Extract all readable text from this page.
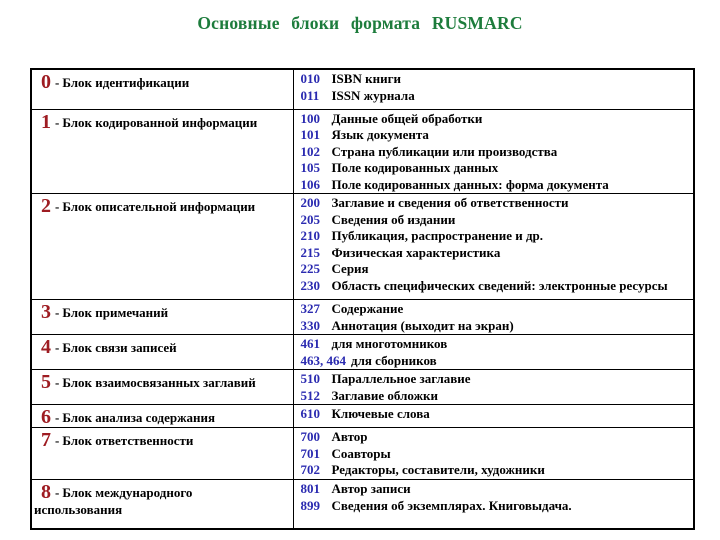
Основные блоки формата RUSMARC
0 - Блок идентификации	010 ISBN книги
011 ISSN журнала

1 - Блок кодированной информации	100 Данные общей обработки
101 Язык документа
102 Страна публикации или производства
105 Поле кодированных данных
106 Поле кодированных данных: форма документа

2 - Блок описательной информации	200 Заглавие и сведения об ответственности
205 Сведения об издании
210 Публикация, распространение и др.
215 Физическая характеристика
225 Серия
230 Область специфических сведений: электронные ресурсы

3 - Блок примечаний	327 Содержание
330 Аннотация (выходит на экран)

4 - Блок связи записей	461 для многотомников
463, 464 для сборников

5 - Блок взаимосвязанных заглавий	510 Параллельное заглавие
512 Заглавие обложки

6 - Блок анализа содержания	610 Ключевые слова

7 - Блок ответственности	700 Автор
701 Соавторы
702 Редакторы, составители, художники

8 - Блок международного использования	801 Автор записи
899 Сведения об экземплярах. Книговыдача.
